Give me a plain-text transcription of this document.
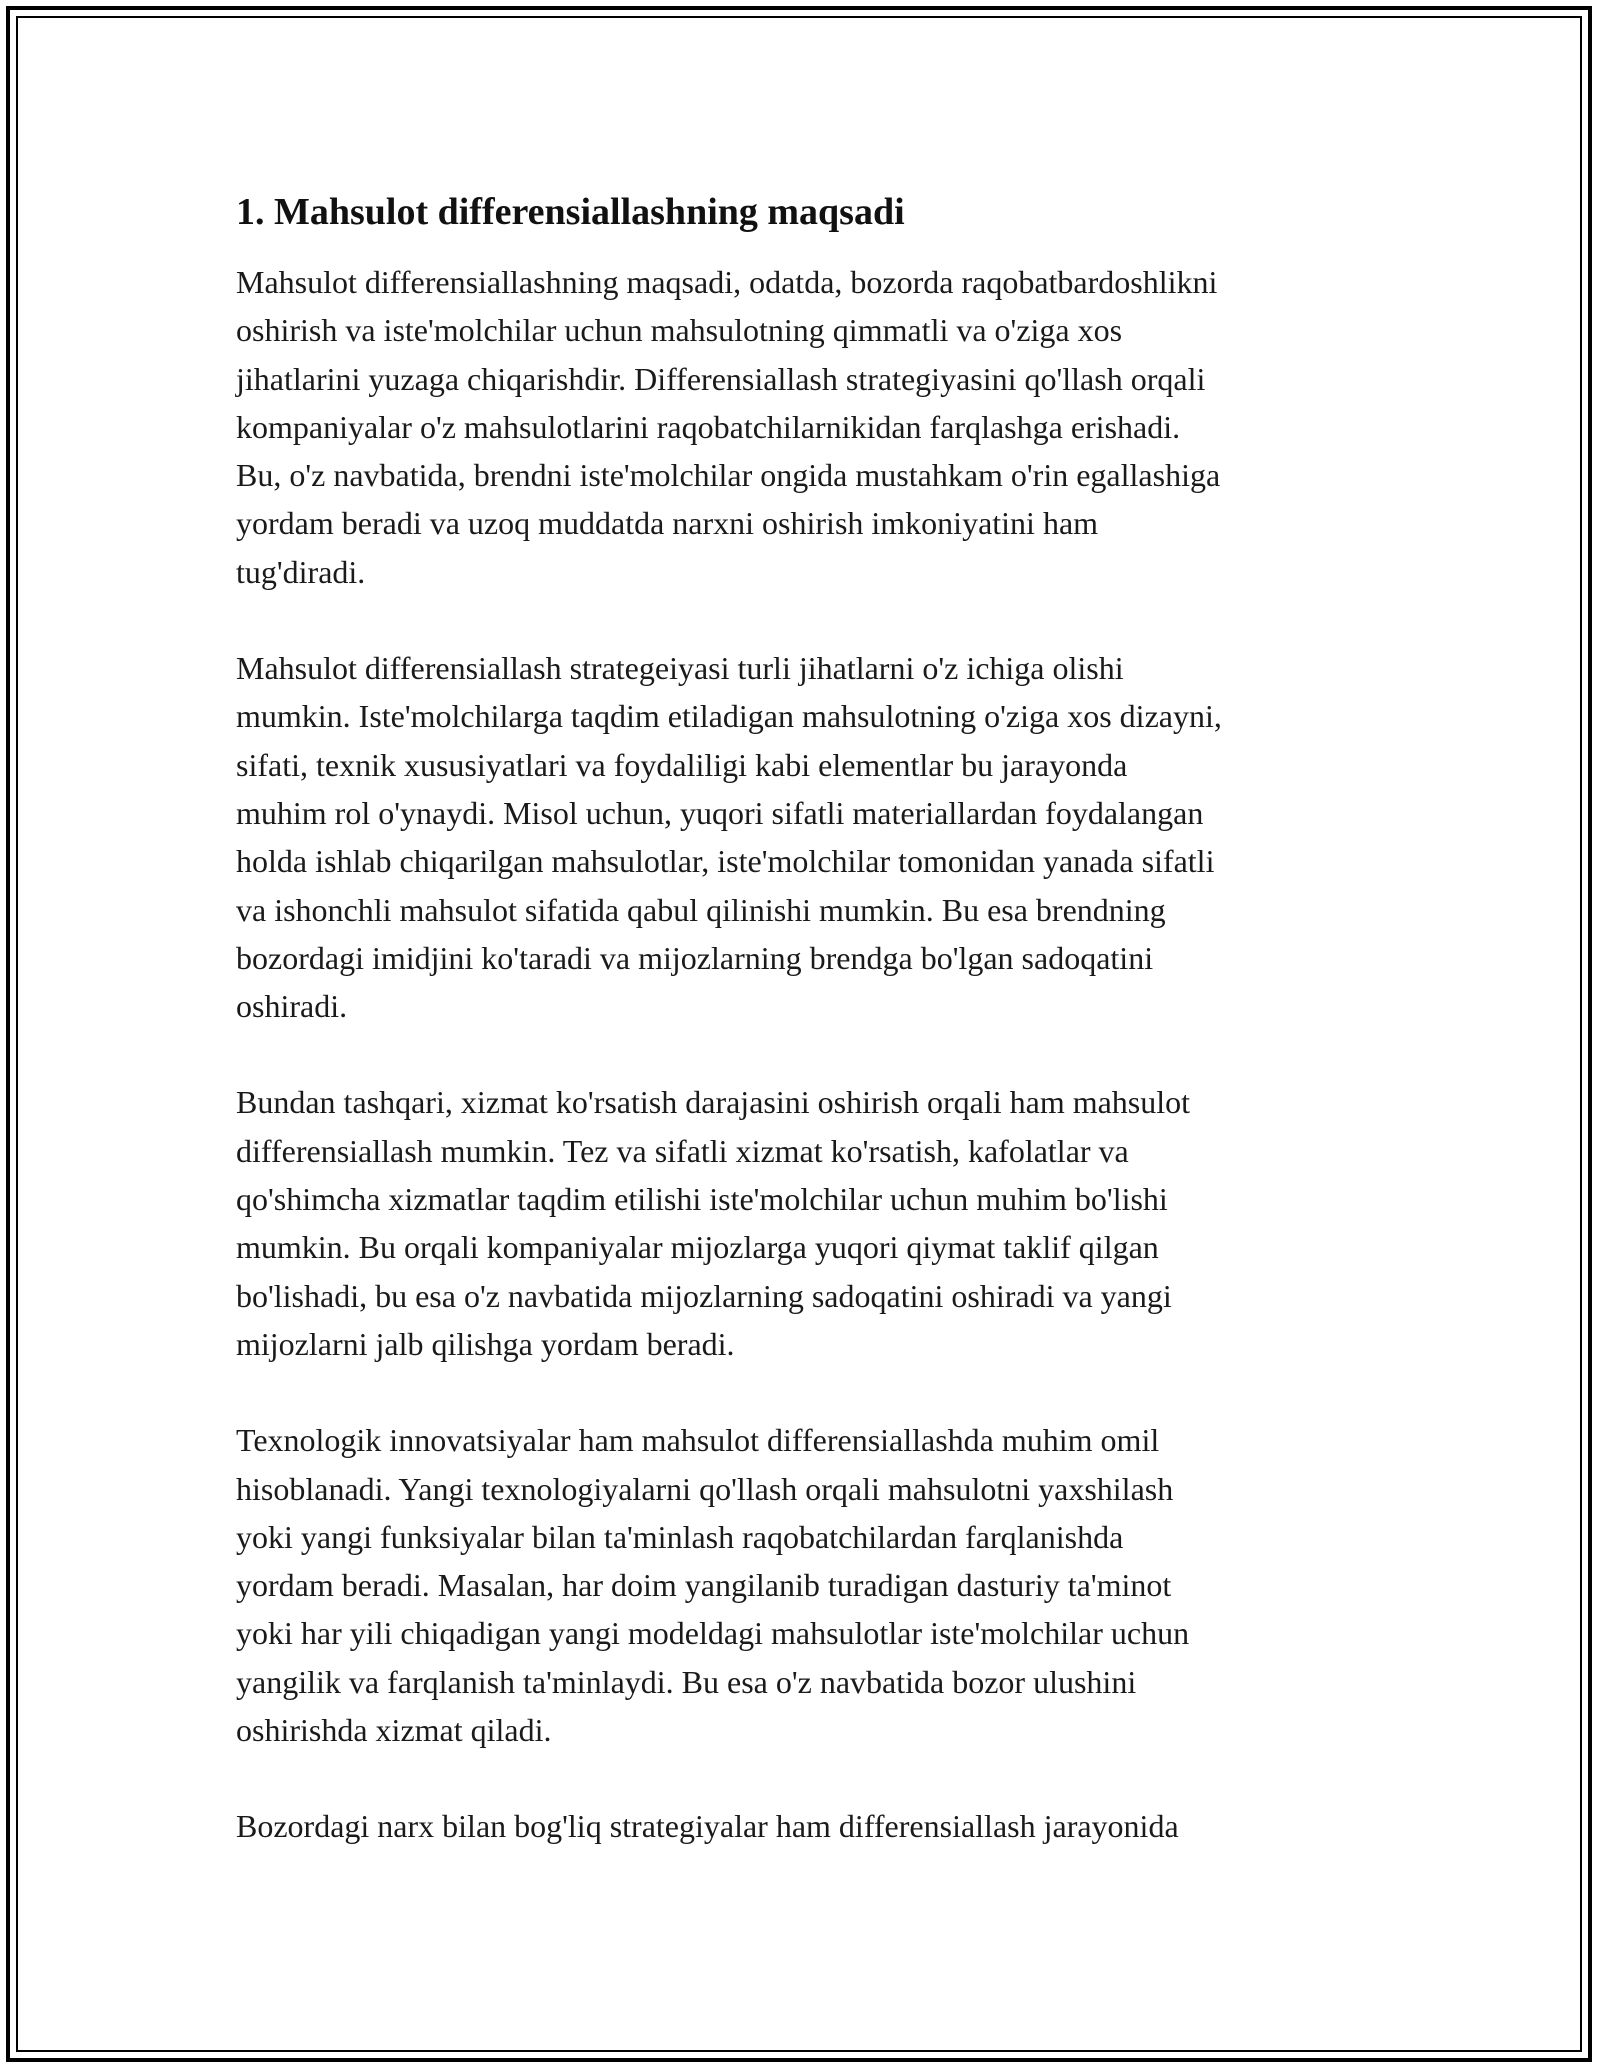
1. Mahsulot differensiallashning maqsadi

Mahsulot differensiallashning maqsadi, odatda, bozorda raqobatbardoshlikni
oshirish va iste'molchilar uchun mahsulotning qimmatli va o'ziga xos
jihatlarini yuzaga chiqarishdir. Differensiallash strategiyasini qo'llash orqali
kompaniyalar o'z mahsulotlarini raqobatchilarnikidan farqlashga erishadi.
Bu, o'z navbatida, brendni iste'molchilar ongida mustahkam o'rin egallashiga
yordam beradi va uzoq muddatda narxni oshirish imkoniyatini ham
tug'diradi.

Mahsulot differensiallash strategeiyasi turli jihatlarni o'z ichiga olishi
mumkin. Iste'molchilarga taqdim etiladigan mahsulotning o'ziga xos dizayni,
sifati, texnik xususiyatlari va foydaliligi kabi elementlar bu jarayonda
muhim rol o'ynaydi. Misol uchun, yuqori sifatli materiallardan foydalangan
holda ishlab chiqarilgan mahsulotlar, iste'molchilar tomonidan yanada sifatli
va ishonchli mahsulot sifatida qabul qilinishi mumkin. Bu esa brendning
bozordagi imidjini ko'taradi va mijozlarning brendga bo'lgan sadoqatini
oshiradi.

Bundan tashqari, xizmat ko'rsatish darajasini oshirish orqali ham mahsulot
differensiallash mumkin. Tez va sifatli xizmat ko'rsatish, kafolatlar va
qo'shimcha xizmatlar taqdim etilishi iste'molchilar uchun muhim bo'lishi
mumkin. Bu orqali kompaniyalar mijozlarga yuqori qiymat taklif qilgan
bo'lishadi, bu esa o'z navbatida mijozlarning sadoqatini oshiradi va yangi
mijozlarni jalb qilishga yordam beradi.

Texnologik innovatsiyalar ham mahsulot differensiallashda muhim omil
hisoblanadi. Yangi texnologiyalarni qo'llash orqali mahsulotni yaxshilash
yoki yangi funksiyalar bilan ta'minlash raqobatchilardan farqlanishda
yordam beradi. Masalan, har doim yangilanib turadigan dasturiy ta'minot
yoki har yili chiqadigan yangi modeldagi mahsulotlar iste'molchilar uchun
yangilik va farqlanish ta'minlaydi. Bu esa o'z navbatida bozor ulushini
oshirishda xizmat qiladi.

Bozordagi narx bilan bog'liq strategiyalar ham differensiallash jarayonida
